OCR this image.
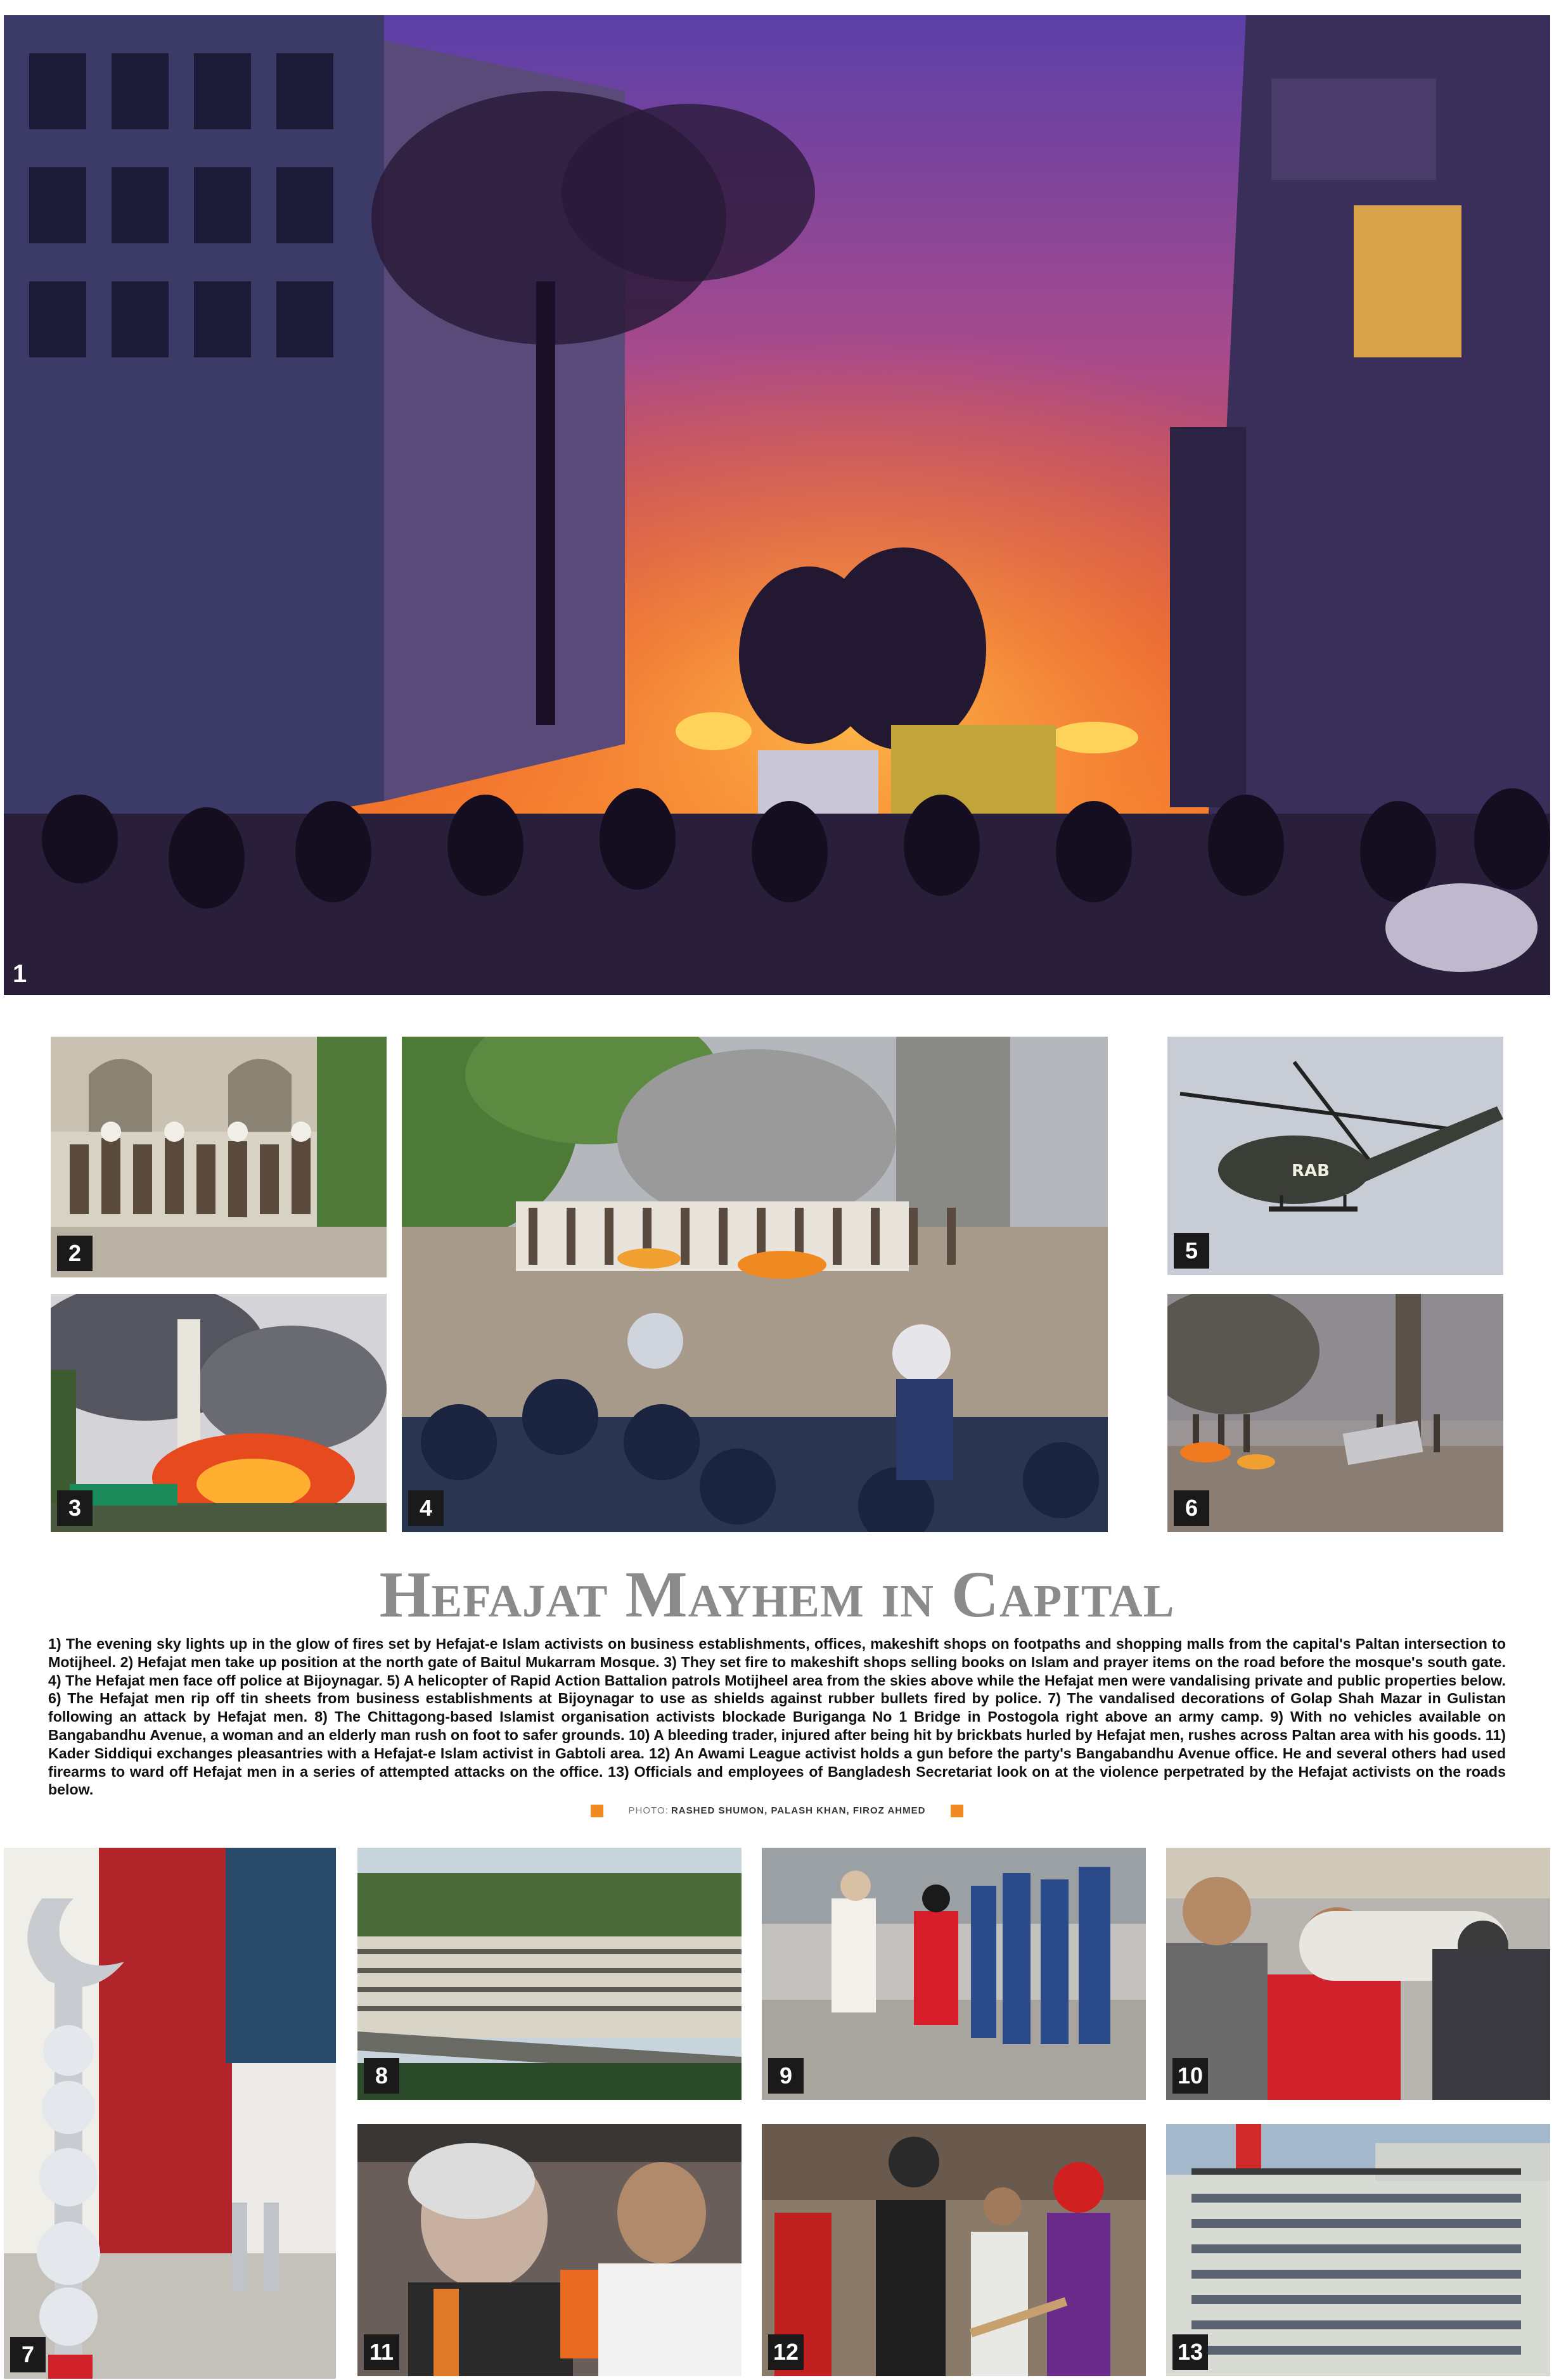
1
2
3	4
RAB
5
6
Hefajat Mayhem in Capital
1) The evening sky lights up in the glow of fires set by Hefajat-e Islam activists on business establishments, offices, makeshift shops on footpaths and shopping malls from the capital's Paltan intersection to Motijheel. 2) Hefajat men take up position at the north gate of Baitul Mukarram Mosque. 3) They set fire to makeshift shops selling books on Islam and prayer items on the road before the mosque's south gate. 4) The Hefajat men face off police at Bijoynagar. 5) A helicopter of Rapid Action Battalion patrols Motijheel area from the skies above while the Hefajat men were vandalising private and public properties below. 6) The Hefajat men rip off tin sheets from business establishments at Bijoynagar to use as shields against rubber bullets fired by police. 7) The vandalised decorations of Golap Shah Mazar in Gulistan following an attack by Hefajat men. 8) The Chittagong-based Islamist organisation activists blockade Buriganga No 1 Bridge in Postogola right above an army camp. 9) With no vehicles available on Bangabandhu Avenue, a woman and an elderly man rush on foot to safer grounds. 10) A bleeding trader, injured after being hit by brickbats hurled by Hefajat men, rushes across Paltan area with his goods. 11) Kader Siddiqui exchanges pleasantries with a Hefajat-e Islam activist in Gabtoli area. 12) An Awami League activist holds a gun before the party's Bangabandhu Avenue office. He and several others had used firearms to ward off Hefajat men in a series of attempted attacks on the office. 13) Officials and employees of Bangladesh Secretariat look on at the violence perpetrated by the Hefajat activists on the roads below.
PHOTO: RASHED SHUMON, PALASH KHAN, FIROZ AHMED
7
8	9	10
11	12	13
